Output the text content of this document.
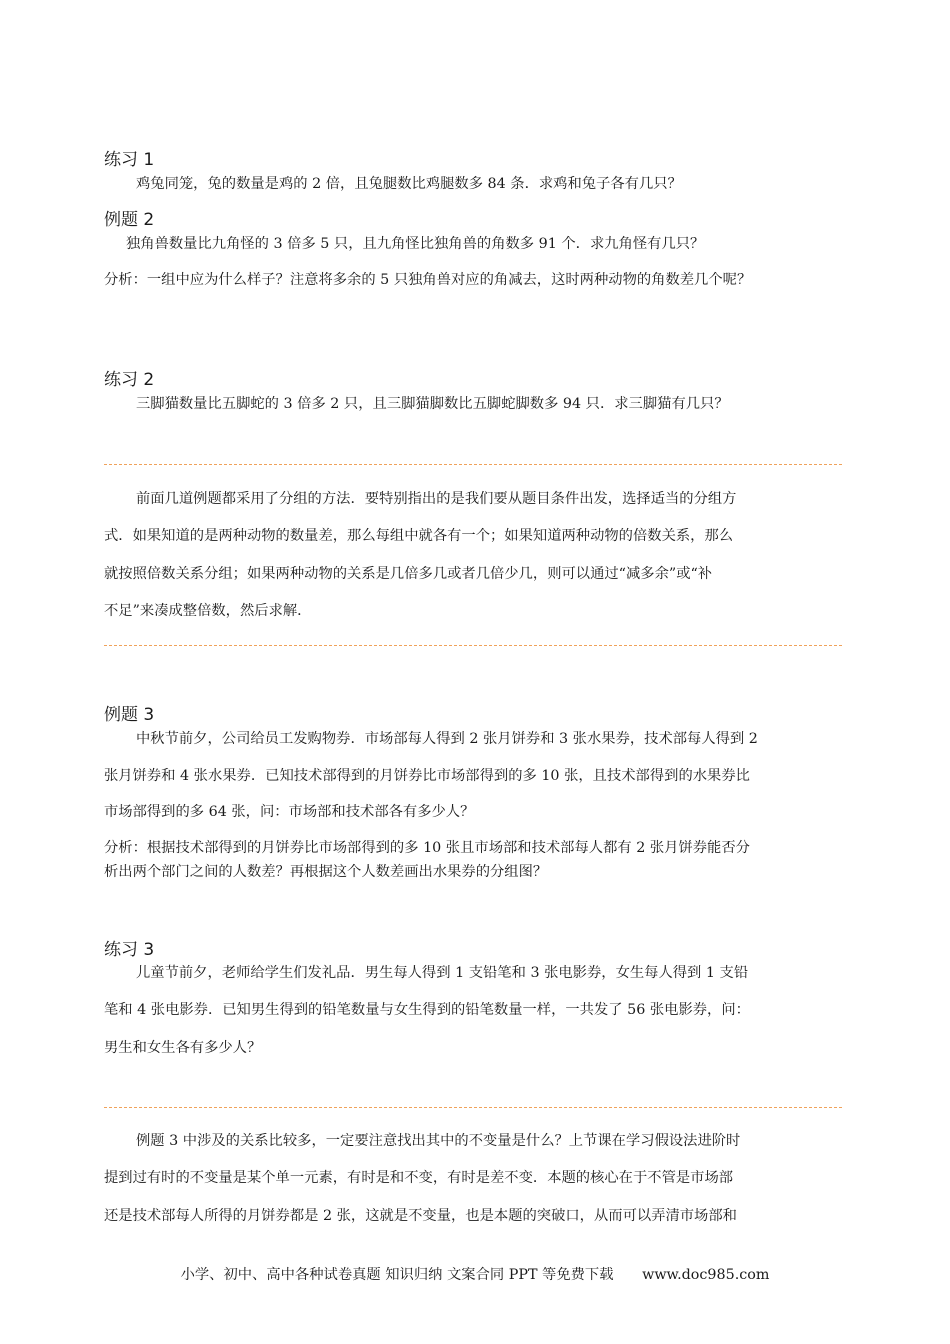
练习 1
鸡兔同笼，兔的数量是鸡的 2 倍，且兔腿数比鸡腿数多 84 条．求鸡和兔子各有几只？
例题 2
独角兽数量比九角怪的 3 倍多 5 只，且九角怪比独角兽的角数多 91 个．求九角怪有几只？
分析：一组中应为什么样子？注意将多余的 5 只独角兽对应的角减去，这时两种动物的角数差几个呢？
练习 2
三脚猫数量比五脚蛇的 3 倍多 2 只，且三脚猫脚数比五脚蛇脚数多 94 只．求三脚猫有几只？
前面几道例题都采用了分组的方法．要特别指出的是我们要从题目条件出发，选择适当的分组方
式．如果知道的是两种动物的数量差，那么每组中就各有一个；如果知道两种动物的倍数关系，那么
就按照倍数关系分组；如果两种动物的关系是几倍多几或者几倍少几，则可以通过“减多余”或“补
不足”来凑成整倍数，然后求解．
例题 3
中秋节前夕，公司给员工发购物券．市场部每人得到 2 张月饼券和 3 张水果券，技术部每人得到 2
张月饼券和 4 张水果券．已知技术部得到的月饼券比市场部得到的多 10 张，且技术部得到的水果券比
市场部得到的多 64 张，问：市场部和技术部各有多少人？
分析：根据技术部得到的月饼券比市场部得到的多 10 张且市场部和技术部每人都有 2 张月饼券能否分
析出两个部门之间的人数差？再根据这个人数差画出水果券的分组图？
练习 3
儿童节前夕，老师给学生们发礼品．男生每人得到 1 支铅笔和 3 张电影券，女生每人得到 1 支铅
笔和 4 张电影券．已知男生得到的铅笔数量与女生得到的铅笔数量一样，一共发了 56 张电影券，问：
男生和女生各有多少人？
例题 3 中涉及的关系比较多，一定要注意找出其中的不变量是什么？上节课在学习假设法进阶时
提到过有时的不变量是某个单一元素，有时是和不变，有时是差不变．本题的核心在于不管是市场部
还是技术部每人所得的月饼券都是 2 张，这就是不变量，也是本题的突破口，从而可以弄清市场部和
小学、初中、高中各种试卷真题 知识归纳 文案合同 PPT 等免费下载 www.doc985.com
